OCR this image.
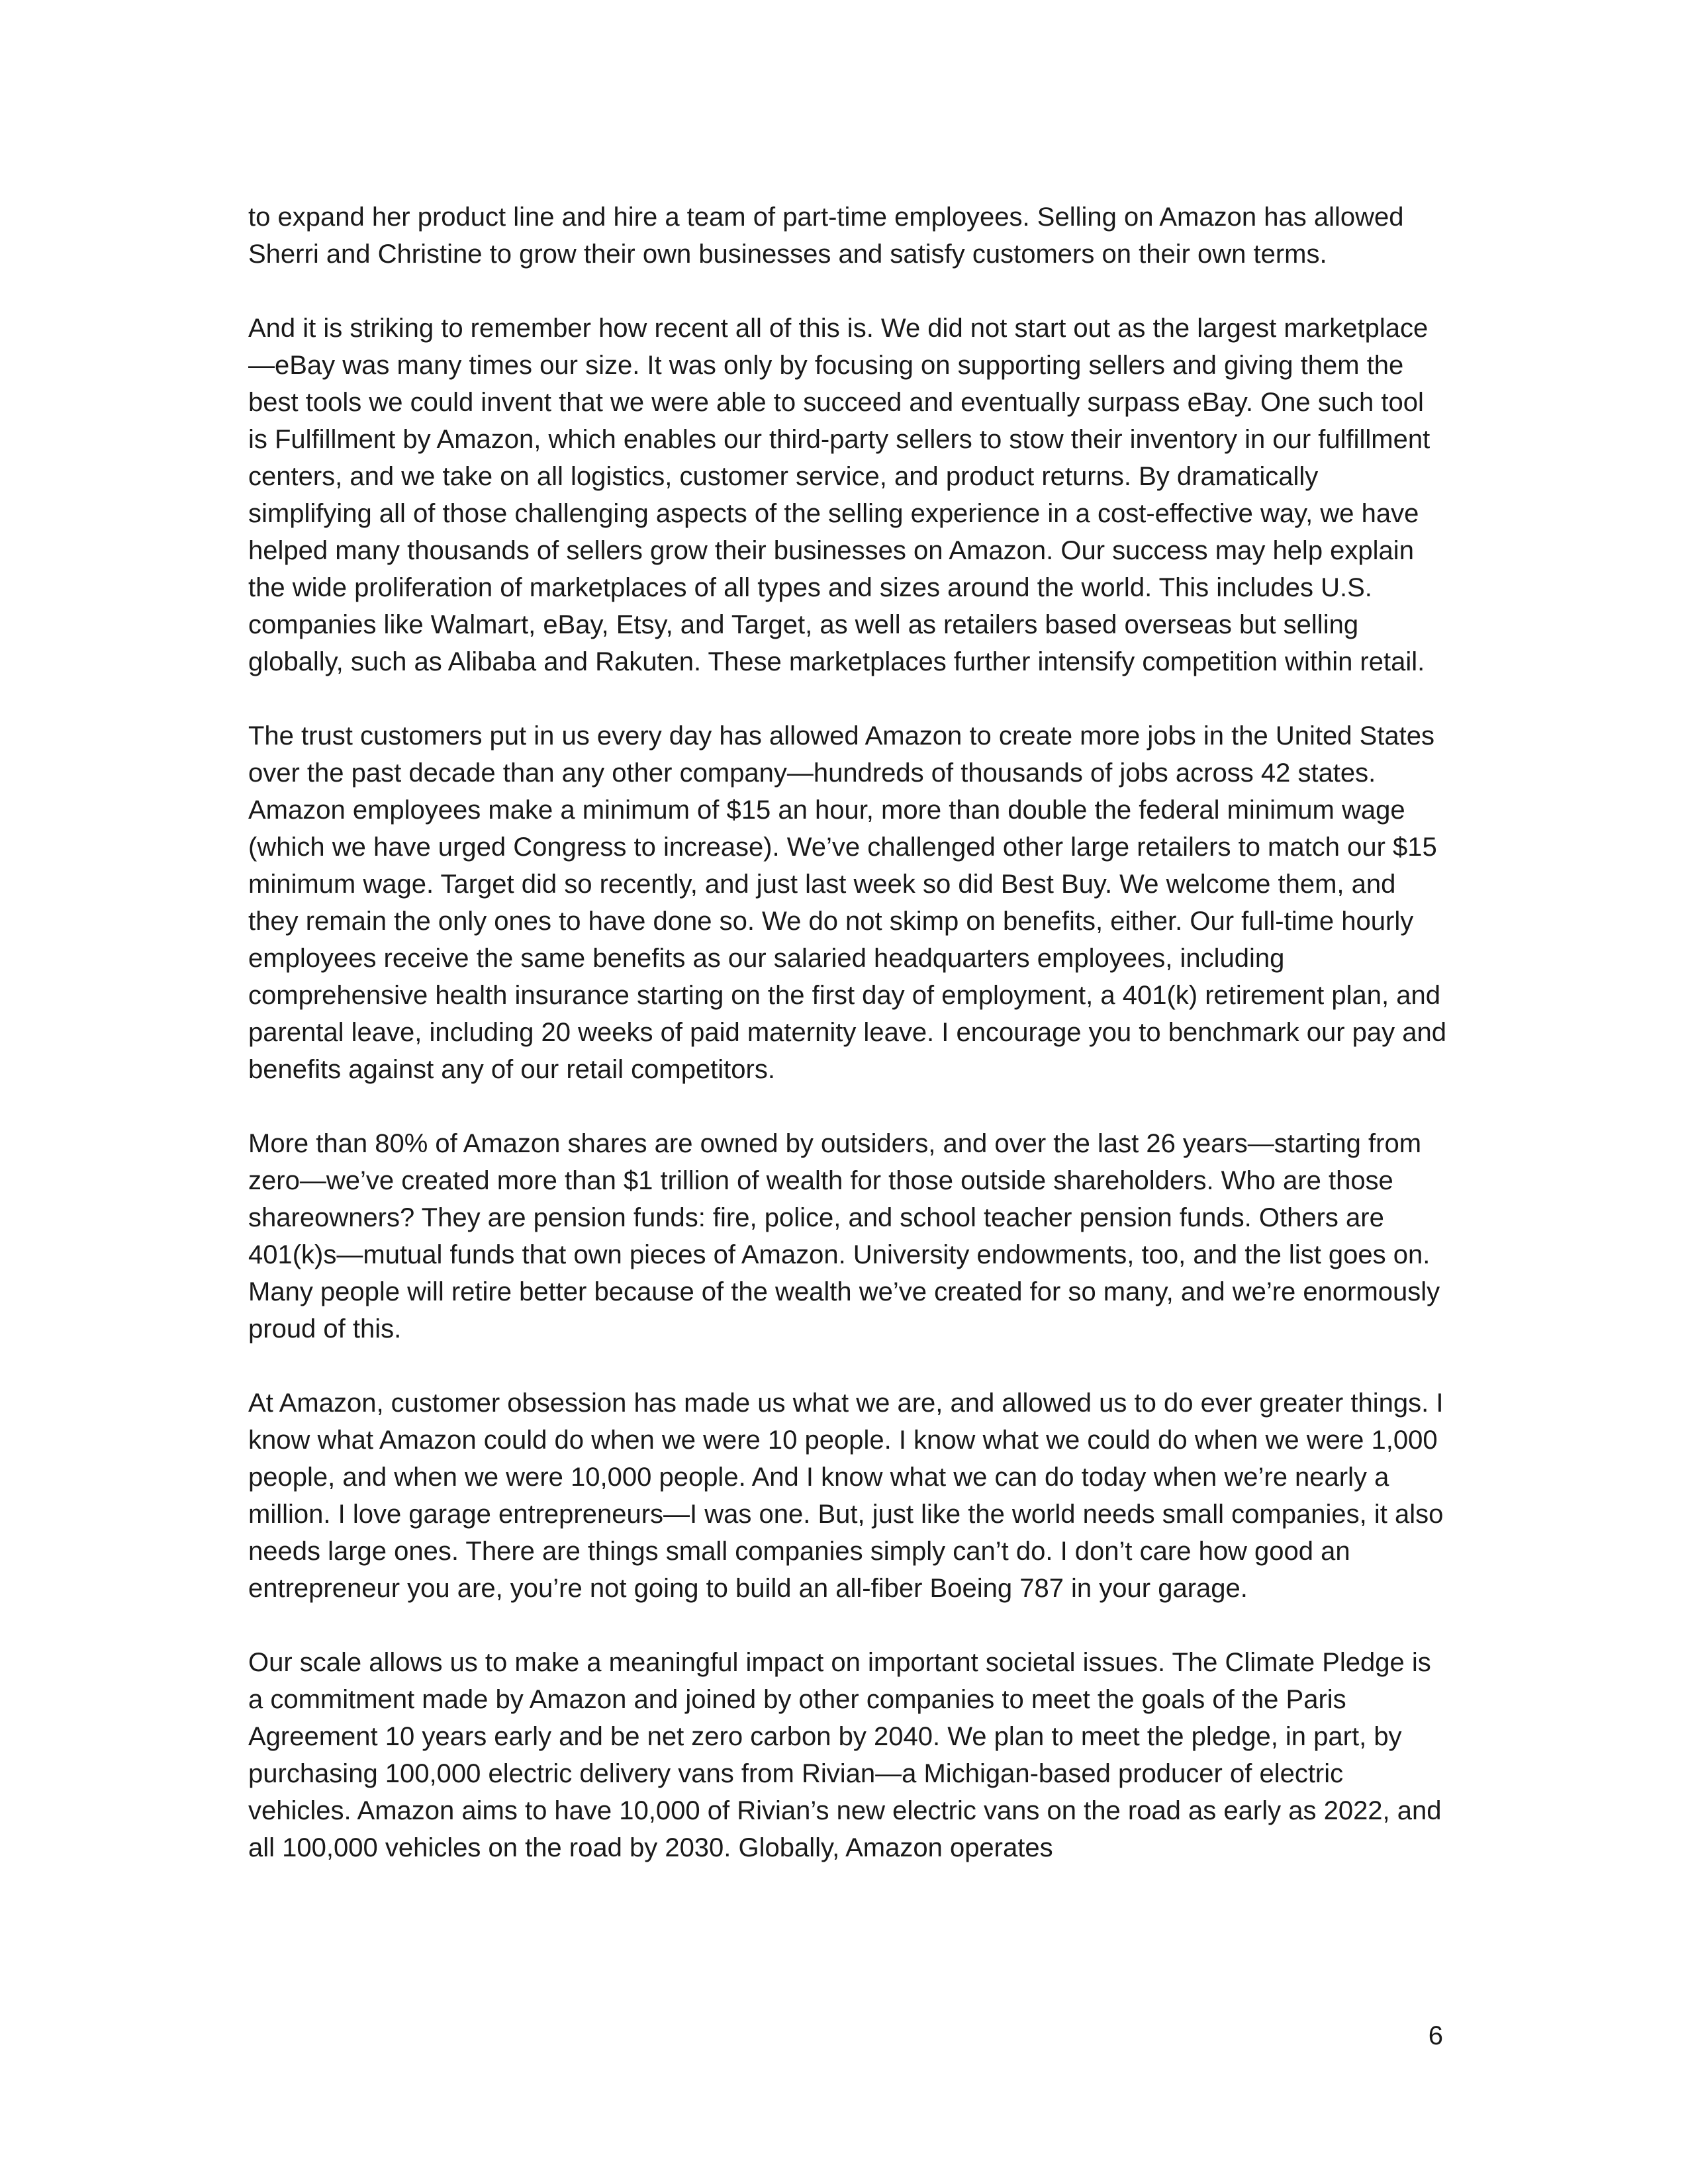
to expand her product line and hire a team of part-time employees. Selling on Amazon has allowed Sherri and Christine to grow their own businesses and satisfy customers on their own terms.

And it is striking to remember how recent all of this is. We did not start out as the largest marketplace—eBay was many times our size. It was only by focusing on supporting sellers and giving them the best tools we could invent that we were able to succeed and eventually surpass eBay. One such tool is Fulfillment by Amazon, which enables our third-party sellers to stow their inventory in our fulfillment centers, and we take on all logistics, customer service, and product returns. By dramatically simplifying all of those challenging aspects of the selling experience in a cost-effective way, we have helped many thousands of sellers grow their businesses on Amazon. Our success may help explain the wide proliferation of marketplaces of all types and sizes around the world. This includes U.S. companies like Walmart, eBay, Etsy, and Target, as well as retailers based overseas but selling globally, such as Alibaba and Rakuten. These marketplaces further intensify competition within retail.

The trust customers put in us every day has allowed Amazon to create more jobs in the United States over the past decade than any other company—hundreds of thousands of jobs across 42 states. Amazon employees make a minimum of $15 an hour, more than double the federal minimum wage (which we have urged Congress to increase). We’ve challenged other large retailers to match our $15 minimum wage. Target did so recently, and just last week so did Best Buy. We welcome them, and they remain the only ones to have done so. We do not skimp on benefits, either. Our full-time hourly employees receive the same benefits as our salaried headquarters employees, including comprehensive health insurance starting on the first day of employment, a 401(k) retirement plan, and parental leave, including 20 weeks of paid maternity leave. I encourage you to benchmark our pay and benefits against any of our retail competitors.

More than 80% of Amazon shares are owned by outsiders, and over the last 26 years—starting from zero—we’ve created more than $1 trillion of wealth for those outside shareholders. Who are those shareowners? They are pension funds: fire, police, and school teacher pension funds. Others are 401(k)s—mutual funds that own pieces of Amazon. University endowments, too, and the list goes on. Many people will retire better because of the wealth we’ve created for so many, and we’re enormously proud of this.

At Amazon, customer obsession has made us what we are, and allowed us to do ever greater things. I know what Amazon could do when we were 10 people. I know what we could do when we were 1,000 people, and when we were 10,000 people. And I know what we can do today when we’re nearly a million. I love garage entrepreneurs—I was one. But, just like the world needs small companies, it also needs large ones. There are things small companies simply can’t do. I don’t care how good an entrepreneur you are, you’re not going to build an all-fiber Boeing 787 in your garage.

Our scale allows us to make a meaningful impact on important societal issues. The Climate Pledge is a commitment made by Amazon and joined by other companies to meet the goals of the Paris Agreement 10 years early and be net zero carbon by 2040. We plan to meet the pledge, in part, by purchasing 100,000 electric delivery vans from Rivian—a Michigan-based producer of electric vehicles. Amazon aims to have 10,000 of Rivian’s new electric vans on the road as early as 2022, and all 100,000 vehicles on the road by 2030. Globally, Amazon operates

6
